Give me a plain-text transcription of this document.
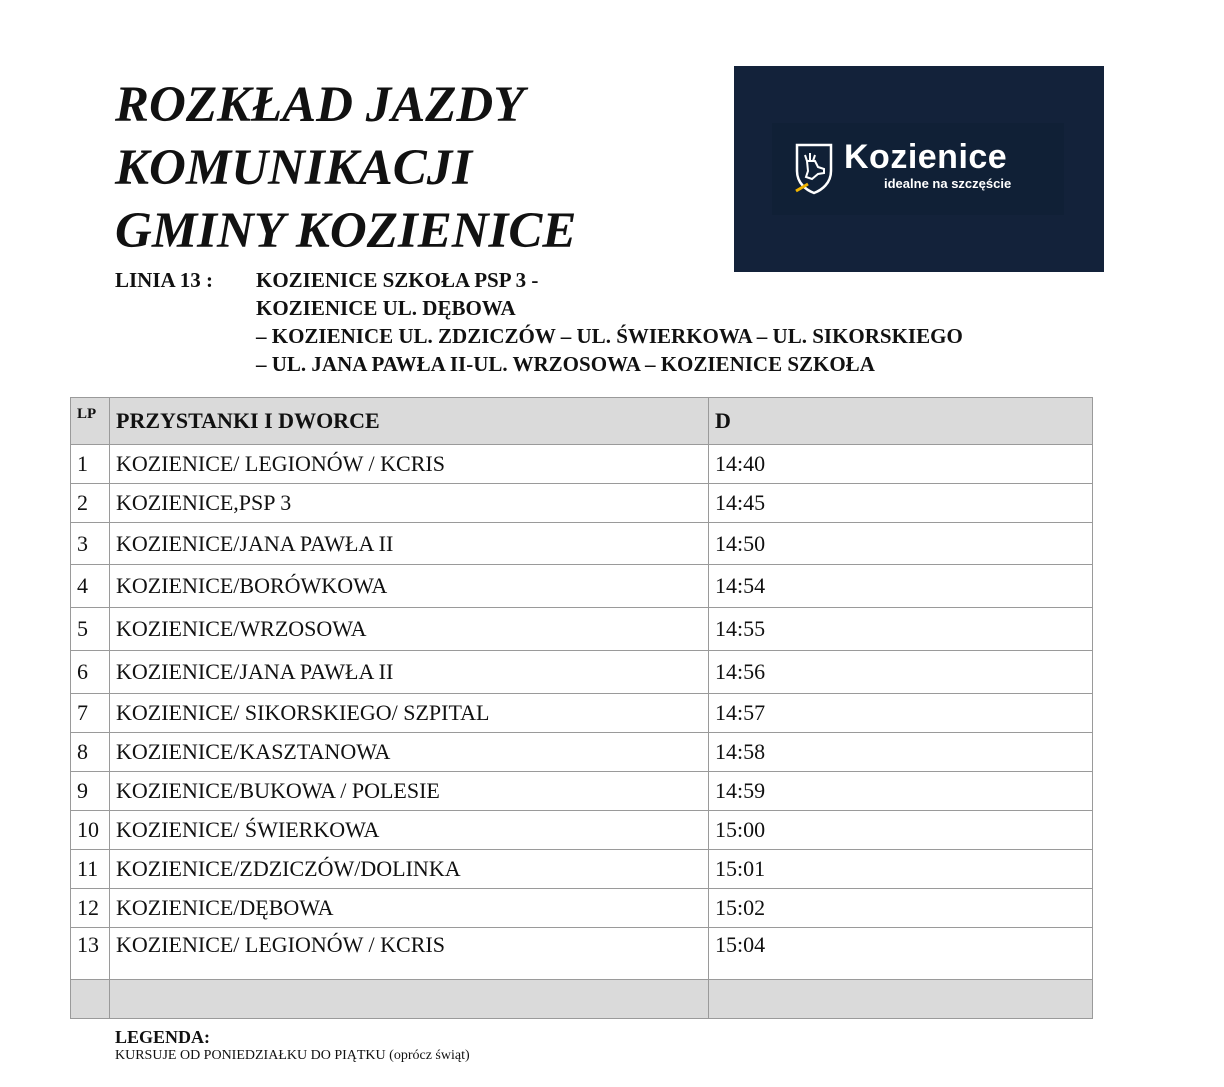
ROZKŁAD JAZDY
KOMUNIKACJI
GMINY KOZIENICE
Kozienice
idealne na szczęście
LINIA 13 : KOZIENICE SZKOŁA PSP 3 -
KOZIENICE UL. DĘBOWA
– KOZIENICE UL. ZDZICZÓW – UL. ŚWIERKOWA – UL. SIKORSKIEGO
– UL. JANA PAWŁA II-UL. WRZOSOWA – KOZIENICE SZKOŁA
LP	PRZYSTANKI I DWORCE	D
1	KOZIENICE/ LEGIONÓW / KCRIS	14:40
2	KOZIENICE,PSP 3	14:45
3	KOZIENICE/JANA PAWŁA II	14:50
4	KOZIENICE/BORÓWKOWA	14:54
5	KOZIENICE/WRZOSOWA	14:55
6	KOZIENICE/JANA PAWŁA II	14:56
7	KOZIENICE/ SIKORSKIEGO/ SZPITAL	14:57
8	KOZIENICE/KASZTANOWA	14:58
9	KOZIENICE/BUKOWA / POLESIE	14:59
10	KOZIENICE/ ŚWIERKOWA	15:00
11	KOZIENICE/ZDZICZÓW/DOLINKA	15:01
12	KOZIENICE/DĘBOWA	15:02
13	KOZIENICE/ LEGIONÓW / KCRIS	15:04

LEGENDA:
KURSUJE OD PONIEDZIAŁKU DO PIĄTKU (oprócz świąt)
